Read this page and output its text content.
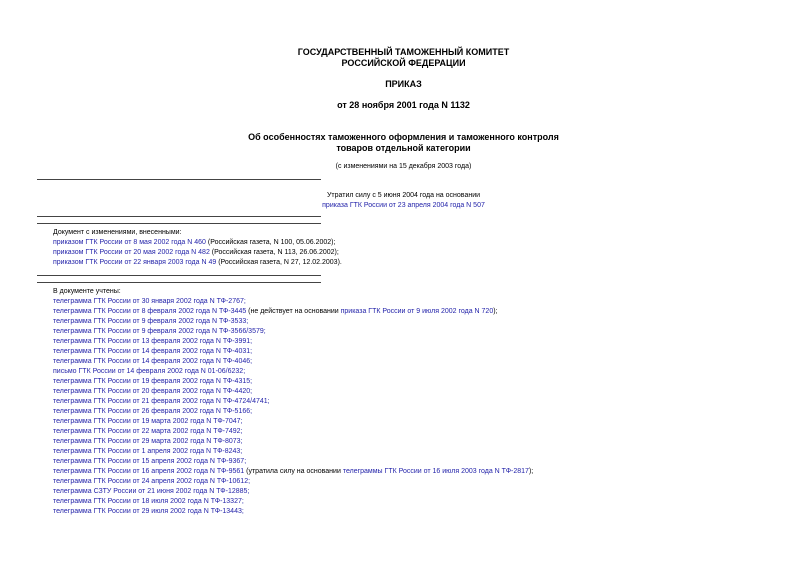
ГОСУДАРСТВЕННЫЙ ТАМОЖЕННЫЙ КОМИТЕТ
РОССИЙСКОЙ ФЕДЕРАЦИИ
ПРИКАЗ
от 28 ноября 2001 года N 1132
Об особенностях таможенного оформления и таможенного контроля
товаров отдельной категории
(с изменениями на 15 декабря 2003 года)
Утратил силу с 5 июня 2004 года на основании
приказа ГТК России от 23 апреля 2004 года N 507
Документ с изменениями, внесенными:
приказом ГТК России от 8 мая 2002 года N 460 (Российская газета, N 100, 05.06.2002);
приказом ГТК России от 20 мая 2002 года N 482 (Российская газета, N 113, 26.06.2002);
приказом ГТК России от 22 января 2003 года N 49 (Российская газета, N 27, 12.02.2003).
В документе учтены:
телеграмма ГТК России от 30 января 2002 года N ТФ-2767;
телеграмма ГТК России от 8 февраля 2002 года N ТФ-3445 (не действует на основании приказа ГТК России от 9 июля 2002 года N 720);
телеграмма ГТК России от 9 февраля 2002 года N ТФ-3533;
телеграмма ГТК России от 9 февраля 2002 года N ТФ-3566/3579;
телеграмма ГТК России от 13 февраля 2002 года N ТФ-3991;
телеграмма ГТК России от 14 февраля 2002 года N ТФ-4031;
телеграмма ГТК России от 14 февраля 2002 года N ТФ-4046;
письмо ГТК России от 14 февраля 2002 года N 01-06/6232;
телеграмма ГТК России от 19 февраля 2002 года N ТФ-4315;
телеграмма ГТК России от 20 февраля 2002 года N ТФ-4420;
телеграмма ГТК России от 21 февраля 2002 года N ТФ-4724/4741;
телеграмма ГТК России от 26 февраля 2002 года N ТФ-5166;
телеграмма ГТК России от 19 марта 2002 года N ТФ-7047;
телеграмма ГТК России от 22 марта 2002 года N ТФ-7492;
телеграмма ГТК России от 29 марта 2002 года N ТФ-8073;
телеграмма ГТК России от 1 апреля 2002 года N ТФ-8243;
телеграмма ГТК России от 15 апреля 2002 года N ТФ-9367;
телеграмма ГТК России от 16 апреля 2002 года N ТФ-9561 (утратила силу на основании телеграммы ГТК России от 16 июля 2003 года N ТФ-2817);
телеграмма ГТК России от 24 апреля 2002 года N ТФ-10612;
телеграмма СЗТУ России от 21 июня 2002 года N ТФ-12885;
телеграмма ГТК России от 18 июля 2002 года N ТФ-13327;
телеграмма ГТК России от 29 июля 2002 года N ТФ-13443;
